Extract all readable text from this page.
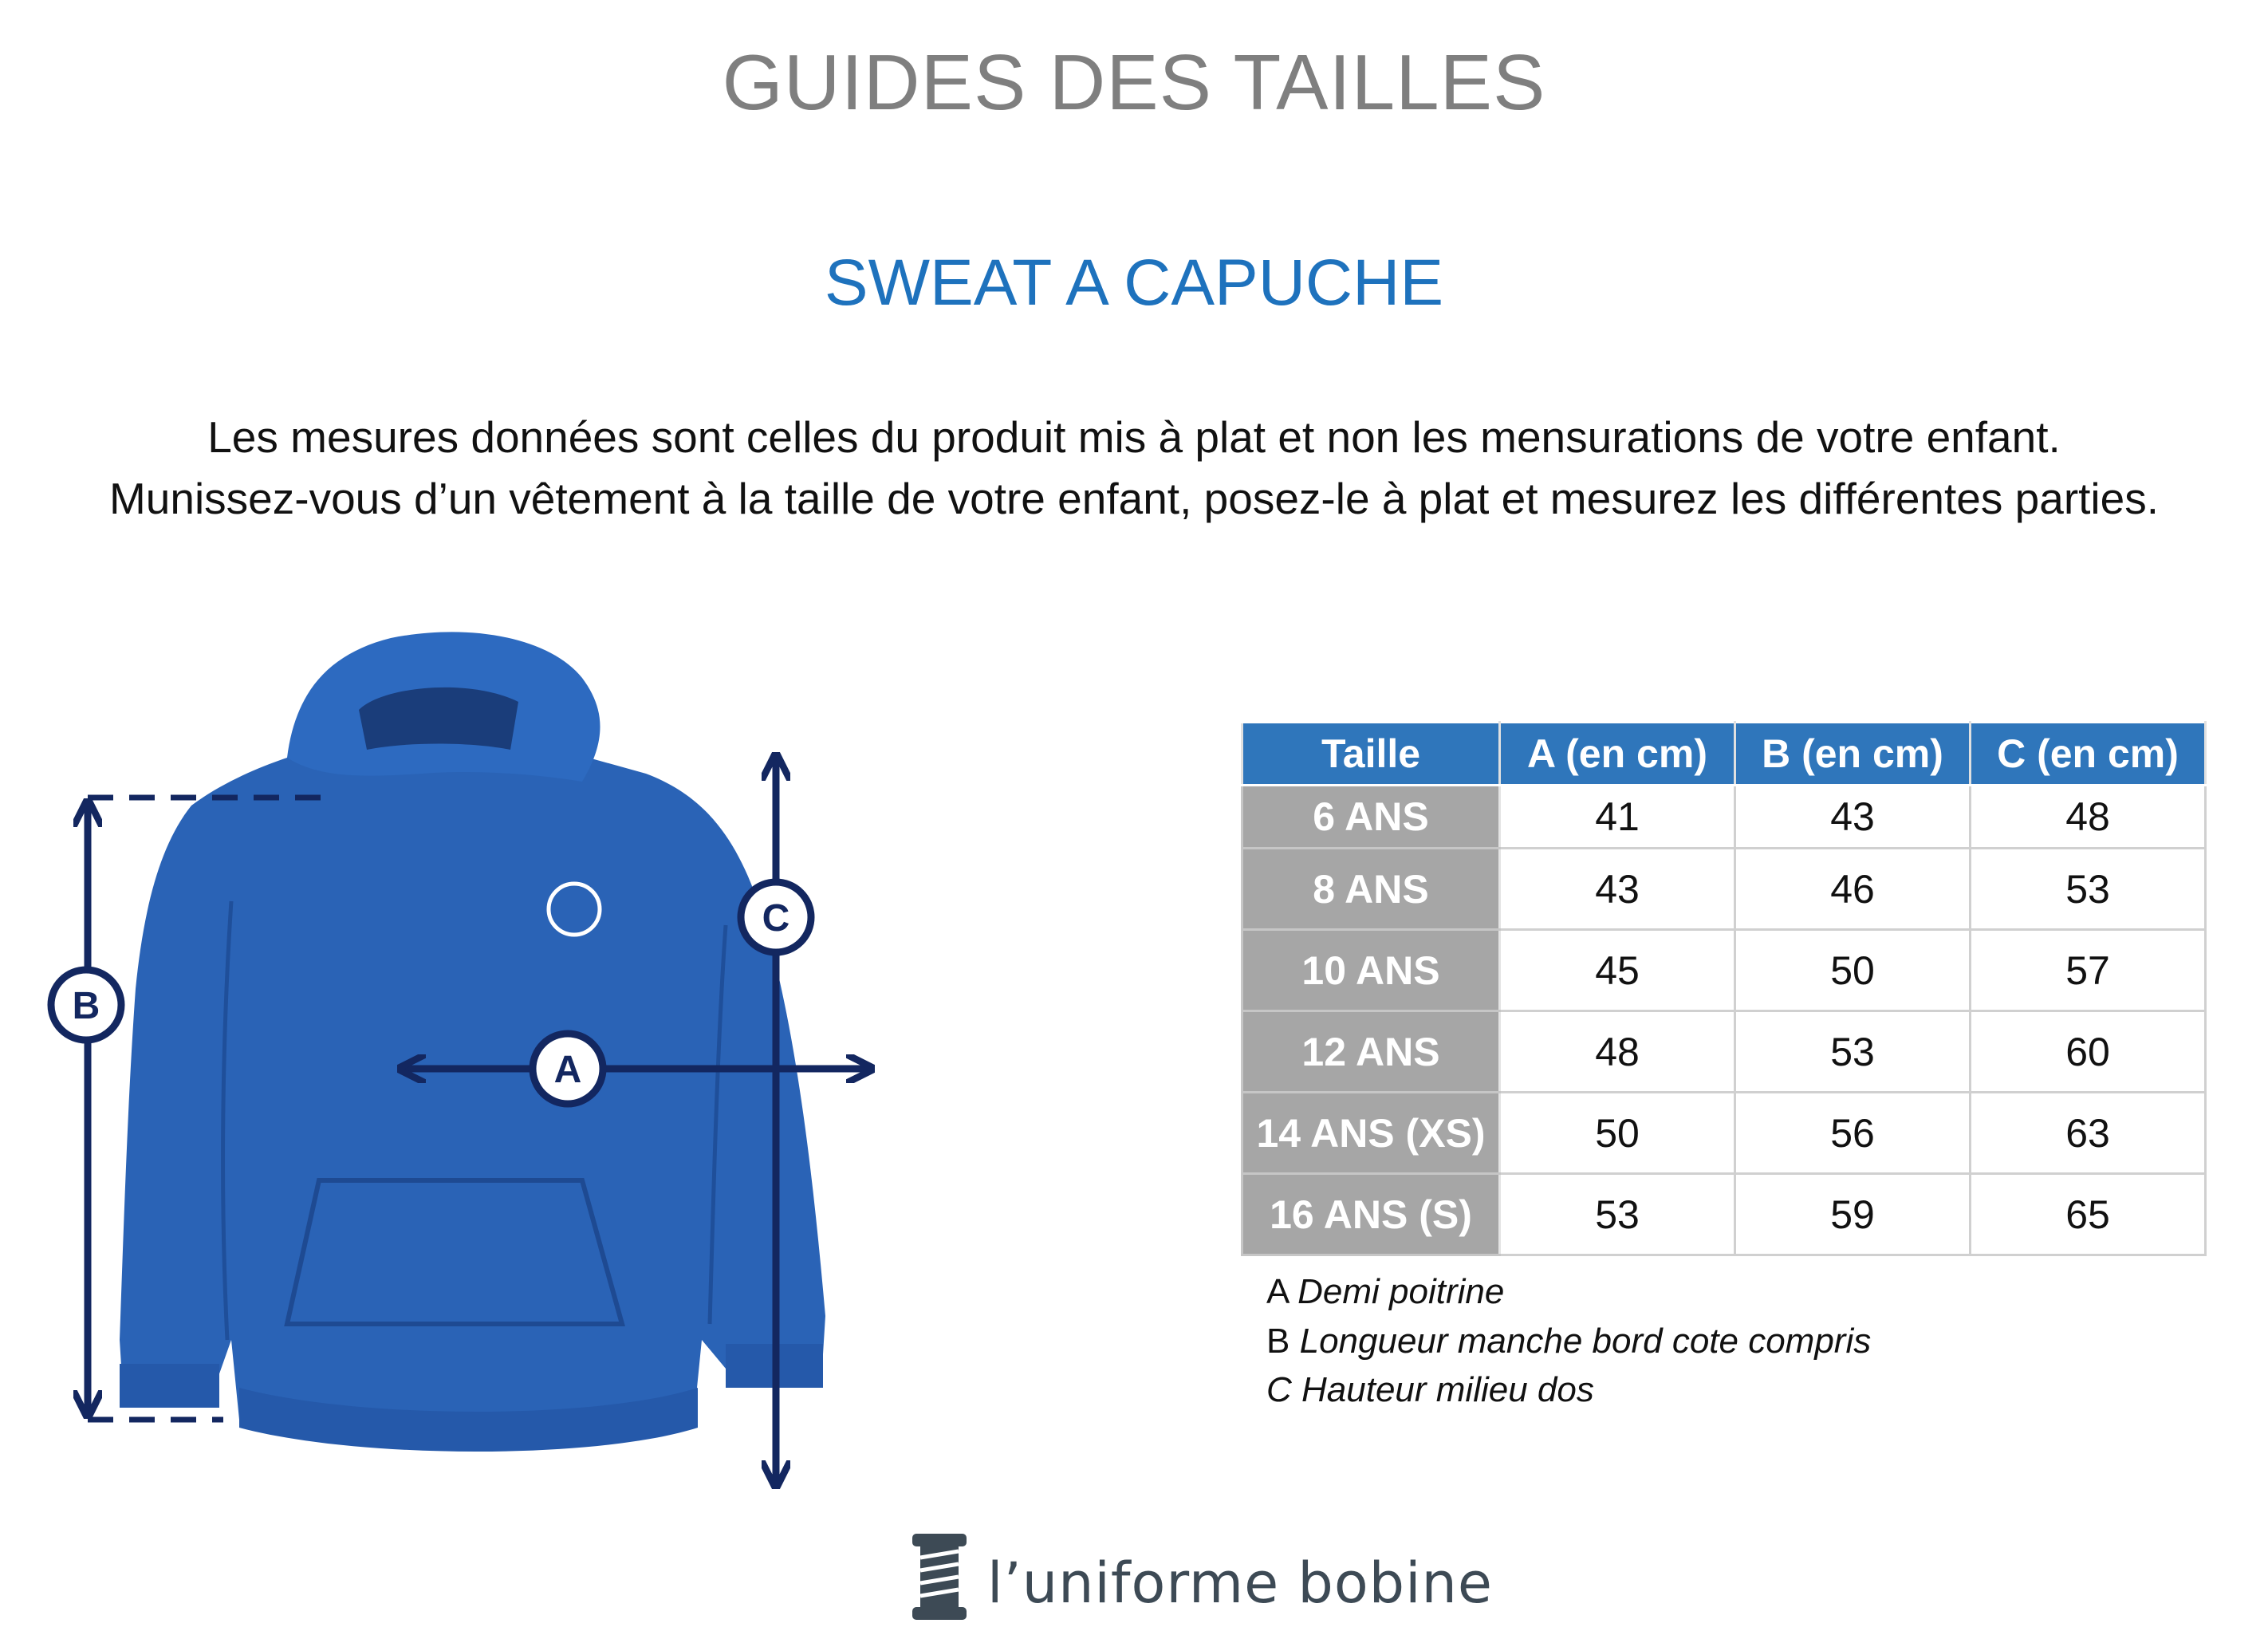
GUIDES DES TAILLES
SWEAT A CAPUCHE
Les mesures données sont celles du produit mis à plat et non les mensurations de votre enfant.
Munissez-vous d’un vêtement à la taille de votre enfant, posez-le à plat et mesurez les différentes parties.
B
C
A
Taille	A (en cm)	B (en cm)	C (en cm)
6 ANS	41	43	48
8 ANS	43	46	53
10 ANS	45	50	57
12 ANS	48	53	60
14 ANS (XS)	50	56	63
16 ANS (S)	53	59	65
A Demi poitrine
B Longueur manche bord cote compris
C Hauteur milieu dos
l’uniforme bobine
